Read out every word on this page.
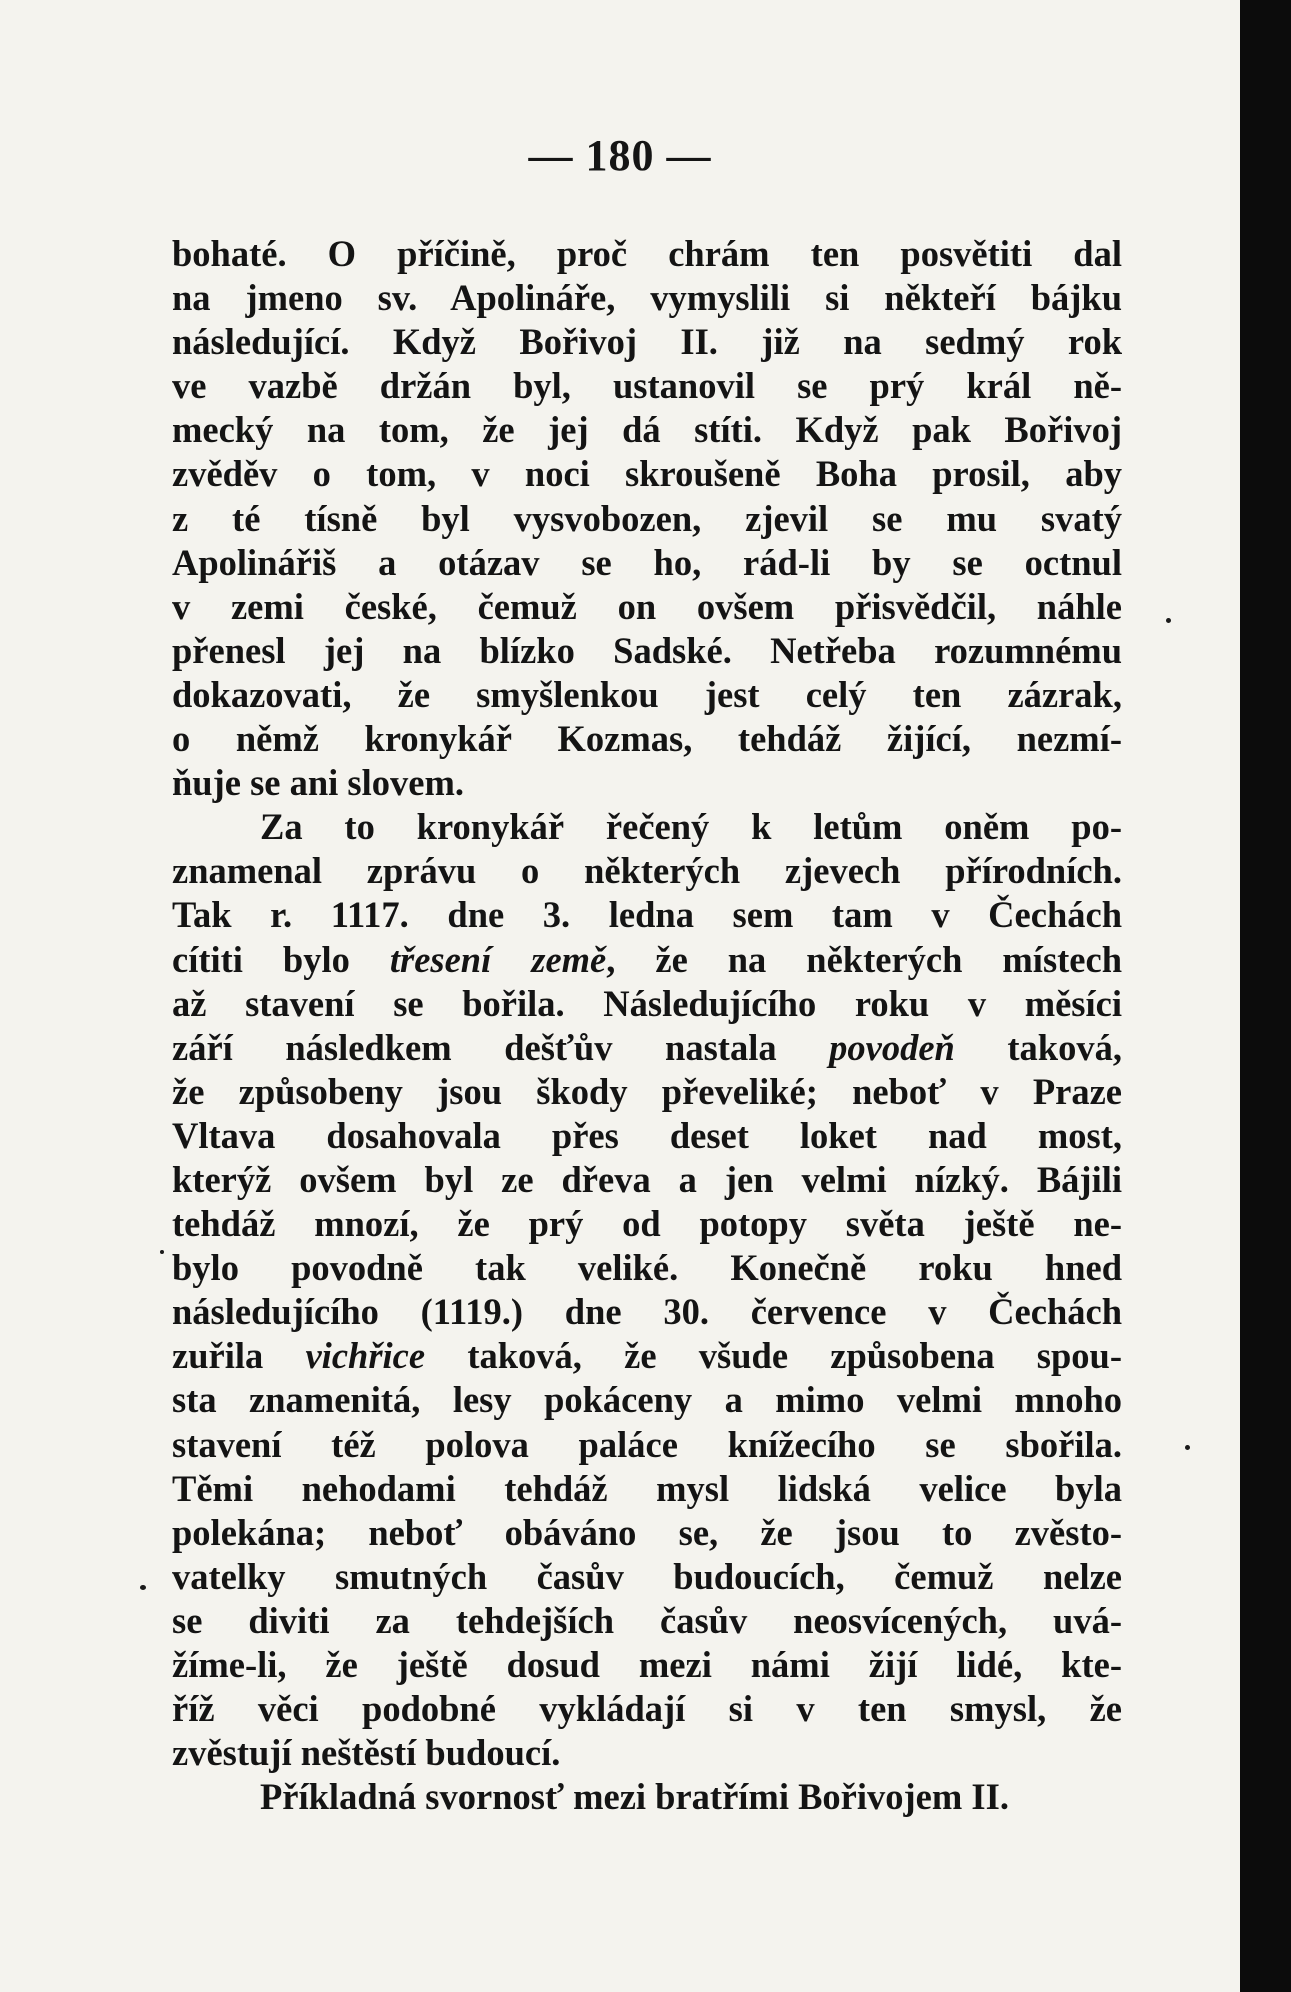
— 180 —
bohaté. O příčině, proč chrám ten posvětiti dal
na jmeno sv. Apolináře, vymyslili si někteří bájku
následující. Když Bořivoj II. již na sedmý rok
ve vazbě držán byl, ustanovil se prý král ně-
mecký na tom, že jej dá stíti. Když pak Bořivoj
zvěděv o tom, v noci skroušeně Boha prosil, aby
z té tísně byl vysvobozen, zjevil se mu svatý
Apolinářiš a otázav se ho, rád-li by se octnul
v zemi české, čemuž on ovšem přisvědčil, náhle
přenesl jej na blízko Sadské. Netřeba rozumnému
dokazovati, že smyšlenkou jest celý ten zázrak,
o němž kronykář Kozmas, tehdáž žijící, nezmí-
ňuje se ani slovem.
Za to kronykář řečený k letům oněm po-
znamenal zprávu o některých zjevech přírodních.
Tak r. 1117. dne 3. ledna sem tam v Čechách
cítiti bylo třesení země, že na některých místech
až stavení se bořila. Následujícího roku v měsíci
září následkem dešťův nastala povodeň taková,
že způsobeny jsou škody převeliké; neboť v Praze
Vltava dosahovala přes deset loket nad most,
kterýž ovšem byl ze dřeva a jen velmi nízký. Bájili
tehdáž mnozí, že prý od potopy světa ještě ne-
bylo povodně tak veliké. Konečně roku hned
následujícího (1119.) dne 30. července v Čechách
zuřila vichřice taková, že všude způsobena spou-
sta znamenitá, lesy pokáceny a mimo velmi mnoho
stavení též polova paláce knížecího se sbořila.
Těmi nehodami tehdáž mysl lidská velice byla
polekána; neboť obáváno se, že jsou to zvěsto-
vatelky smutných časův budoucích, čemuž nelze
se diviti za tehdejších časův neosvícených, uvá-
žíme-li, že ještě dosud mezi námi žijí lidé, kte-
říž věci podobné vykládají si v ten smysl, že
zvěstují neštěstí budoucí.
Příkladná svornosť mezi bratřími Bořivojem II.
